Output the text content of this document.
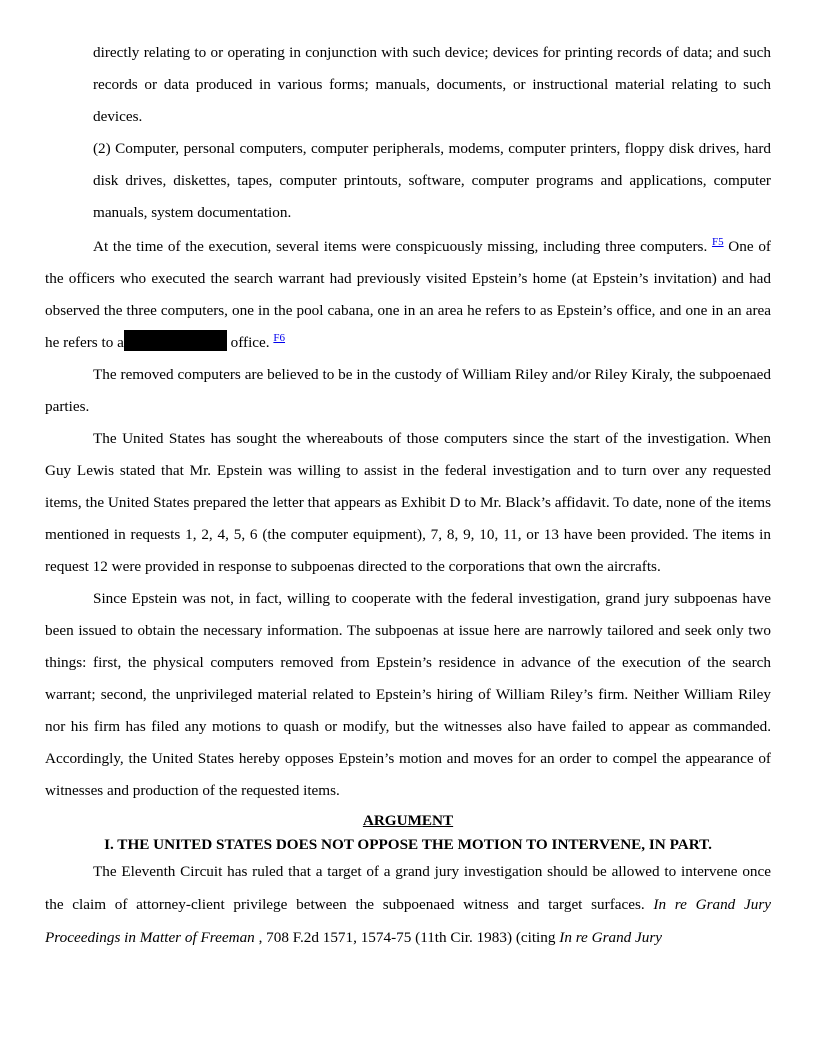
directly relating to or operating in conjunction with such device; devices for printing records of data; and such records or data produced in various forms; manuals, documents, or instructional material relating to such devices.
(2) Computer, personal computers, computer peripherals, modems, computer printers, floppy disk drives, hard disk drives, diskettes, tapes, computer printouts, software, computer programs and applications, computer manuals, system documentation.

At the time of the execution, several items were conspicuously missing, including three computers. $^{F5}$ One of the officers who executed the search warrant had previously visited Epstein’s home (at Epstein’s invitation) and had observed the three computers, one in the pool cabana, one in an area he refers to as Epstein’s office, and one in an area he refers to a	office. $^{F6}$

The removed computers are believed to be in the custody of William Riley and/or Riley Kiraly, the subpoenaed parties.

The United States has sought the whereabouts of those computers since the start of the investigation. When Guy Lewis stated that Mr. Epstein was willing to assist in the federal investigation and to turn over any requested items, the United States prepared the letter that appears as Exhibit D to Mr. Black’s affidavit. To date, none of the items mentioned in requests 1, 2, 4, 5, 6 (the computer equipment), 7, 8, 9, 10, 11, or 13 have been provided. The items in request 12 were provided in response to subpoenas directed to the corporations that own the aircrafts.

Since Epstein was not, in fact, willing to cooperate with the federal investigation, grand jury subpoenas have been issued to obtain the necessary information. The subpoenas at issue here are narrowly tailored and seek only two things: first, the physical computers removed from Epstein’s residence in advance of the execution of the search warrant; second, the unprivileged material related to Epstein’s hiring of William Riley’s firm. Neither William Riley nor his firm has filed any motions to quash or modify, but the witnesses also have failed to appear as commanded. Accordingly, the United States hereby opposes Epstein’s motion and moves for an order to compel the appearance of witnesses and production of the requested items.

ARGUMENT

I. THE UNITED STATES DOES NOT OPPOSE THE MOTION TO INTERVENE, IN PART.

The Eleventh Circuit has ruled that a target of a grand jury investigation should be allowed to intervene once the claim of attorney-client privilege between the subpoenaed witness and target surfaces. In re Grand Jury Proceedings in Matter of Freeman , 708 F.2d 1571, 1574-75 (11th Cir. 1983) (citing In re Grand Jury
